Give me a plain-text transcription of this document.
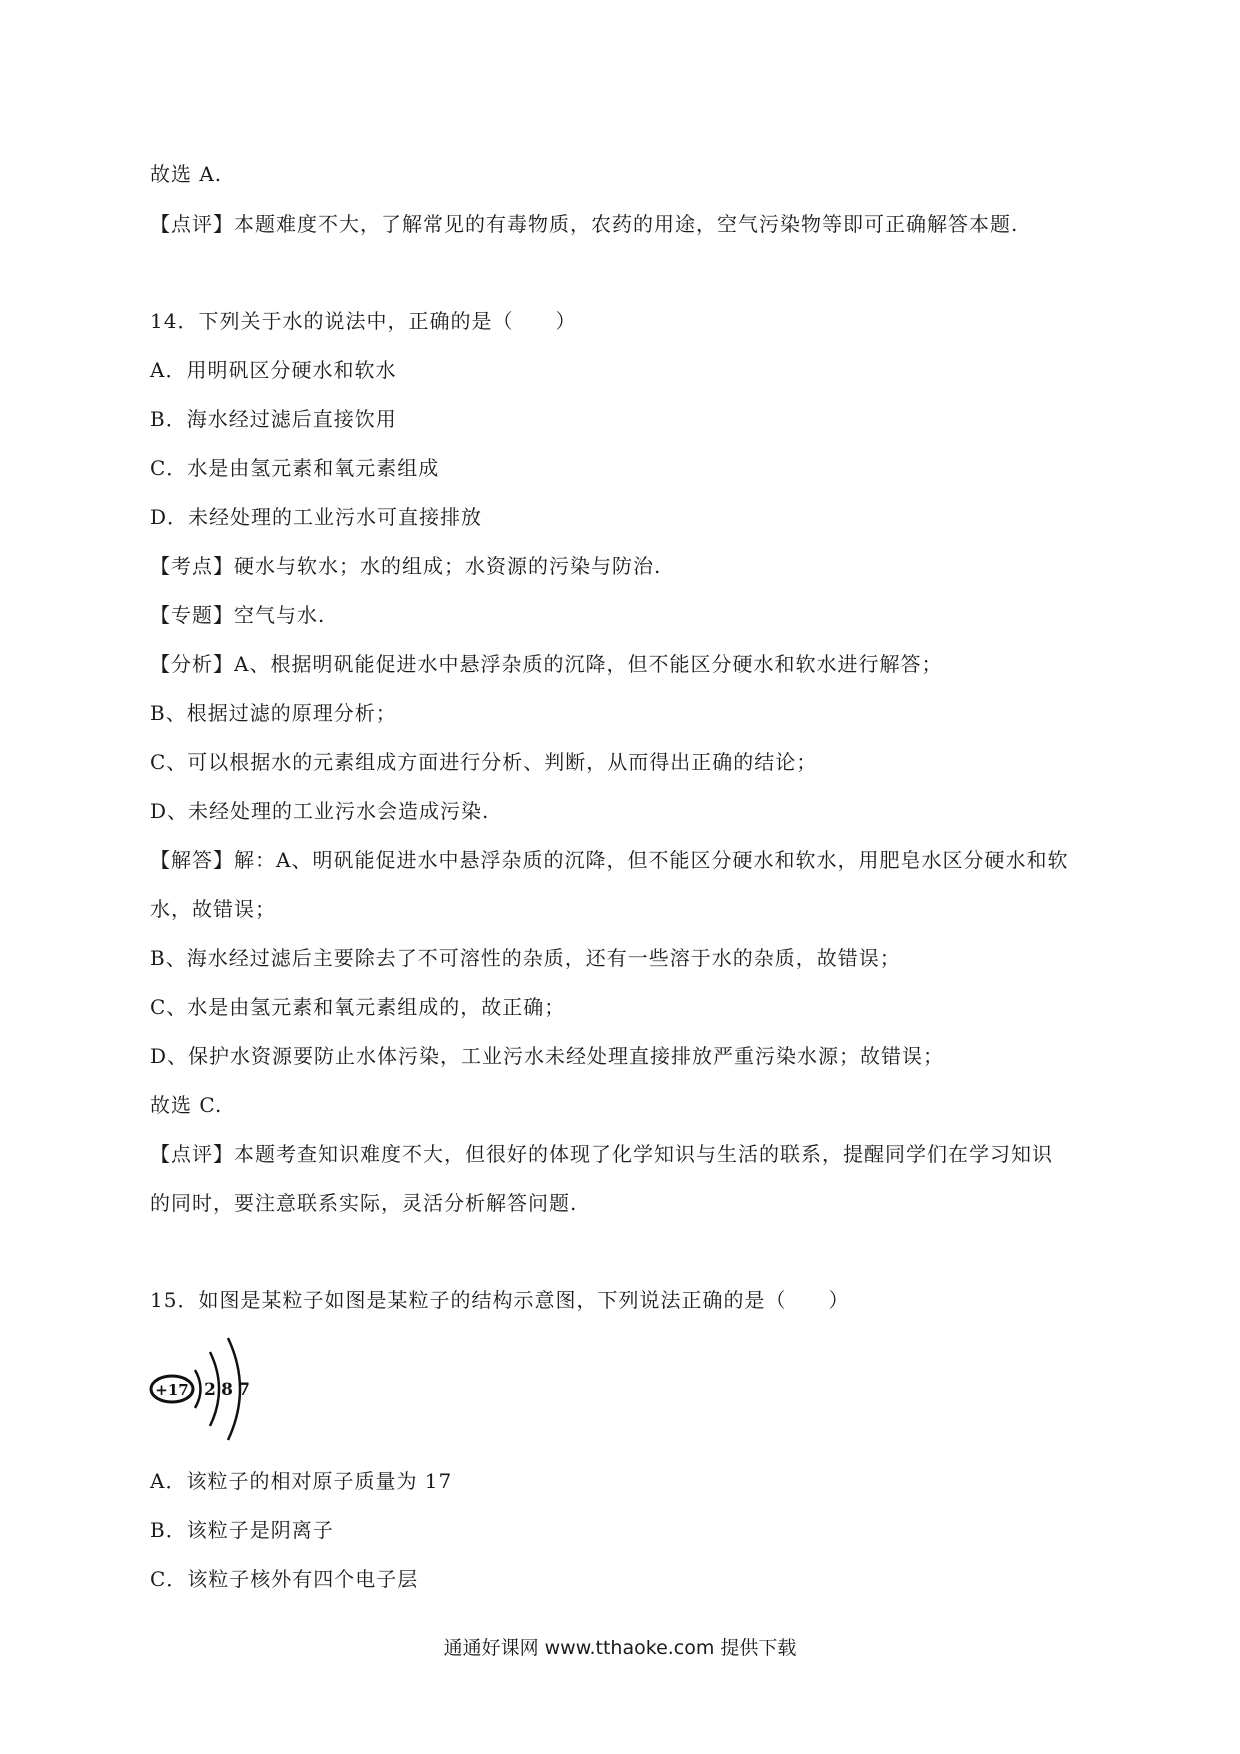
故选 A.
【点评】本题难度不大，了解常见的有毒物质，农药的用途，空气污染物等即可正确解答本题.
14．下列关于水的说法中，正确的是（　　）
A．用明矾区分硬水和软水
B．海水经过滤后直接饮用
C．水是由氢元素和氧元素组成
D．未经处理的工业污水可直接排放
【考点】硬水与软水；水的组成；水资源的污染与防治.
【专题】空气与水.
【分析】A、根据明矾能促进水中悬浮杂质的沉降，但不能区分硬水和软水进行解答；
B、根据过滤的原理分析；
C、可以根据水的元素组成方面进行分析、判断，从而得出正确的结论；
D、未经处理的工业污水会造成污染.
【解答】解：A、明矾能促进水中悬浮杂质的沉降，但不能区分硬水和软水，用肥皂水区分硬水和软
水，故错误；
B、海水经过滤后主要除去了不可溶性的杂质，还有一些溶于水的杂质，故错误；
C、水是由氢元素和氧元素组成的，故正确；
D、保护水资源要防止水体污染，工业污水未经处理直接排放严重污染水源；故错误；
故选 C.
【点评】本题考查知识难度不大，但很好的体现了化学知识与生活的联系，提醒同学们在学习知识
的同时，要注意联系实际，灵活分析解答问题.
15．如图是某粒子如图是某粒子的结构示意图，下列说法正确的是（　　）
+17 2 8 7
A．该粒子的相对原子质量为 17
B．该粒子是阴离子
C．该粒子核外有四个电子层
通通好课网 www.tthaoke.com 提供下载
